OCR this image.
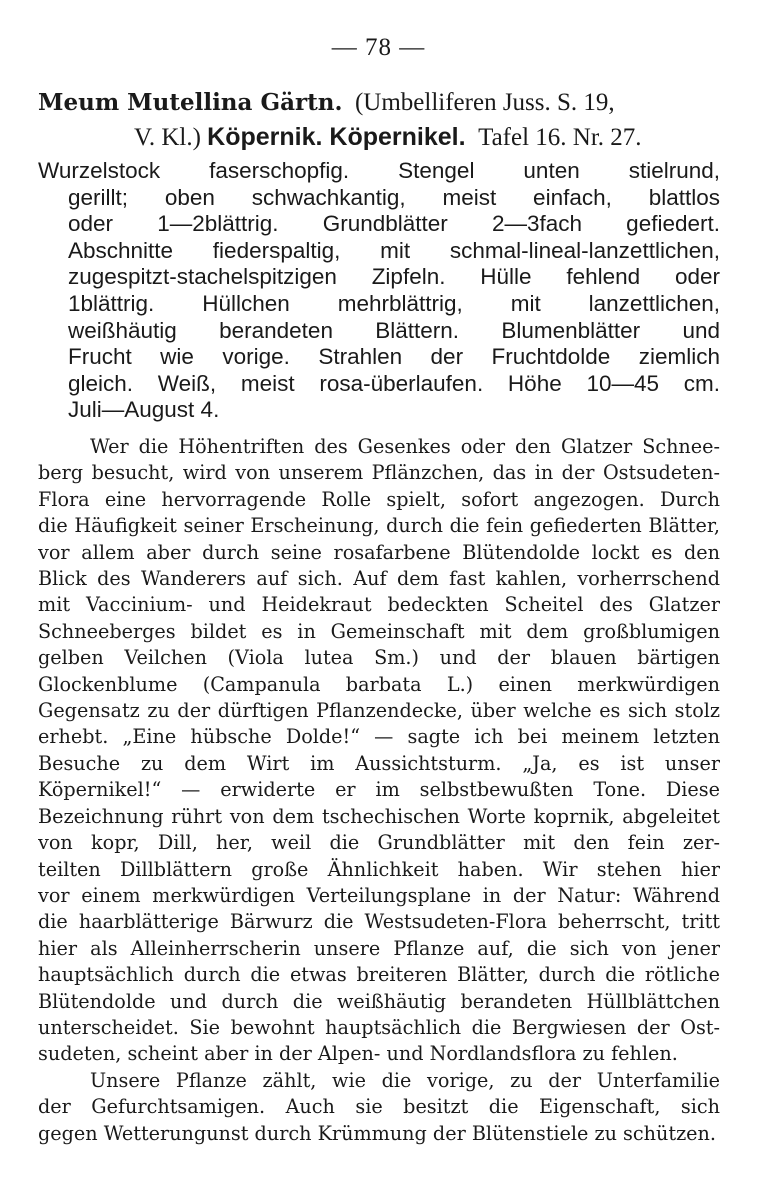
— 78 —
Meum Mutellina Gärtn. (Umbelliferen Juss. S. 19,
V. Kl.) Köpernik. Köpernikel. Tafel 16. Nr. 27.
Wurzelstock faserschopfig. Stengel unten stielrund,
gerillt; oben schwachkantig, meist einfach, blattlos
oder 1—2blättrig. Grundblätter 2—3fach gefiedert.
Abschnitte fiederspaltig, mit schmal-lineal-lanzettlichen,
zugespitzt-stachelspitzigen Zipfeln. Hülle fehlend oder
1blättrig. Hüllchen mehrblättrig, mit lanzettlichen,
weißhäutig berandeten Blättern. Blumenblätter und
Frucht wie vorige. Strahlen der Fruchtdolde ziemlich
gleich. Weiß, meist rosa-überlaufen. Höhe 10—45 cm.
Juli—August 4.
Wer die Höhentriften des Gesenkes oder den Glatzer Schnee-
berg besucht, wird von unserem Pflänzchen, das in der Ostsudeten-
Flora eine hervorragende Rolle spielt, sofort angezogen. Durch
die Häufigkeit seiner Erscheinung, durch die fein gefiederten Blätter,
vor allem aber durch seine rosafarbene Blütendolde lockt es den
Blick des Wanderers auf sich. Auf dem fast kahlen, vorherrschend
mit Vaccinium- und Heidekraut bedeckten Scheitel des Glatzer
Schneeberges bildet es in Gemeinschaft mit dem großblumigen
gelben Veilchen (Viola lutea Sm.) und der blauen bärtigen
Glockenblume (Campanula barbata L.) einen merkwürdigen
Gegensatz zu der dürftigen Pflanzendecke, über welche es sich stolz
erhebt. „Eine hübsche Dolde!“ — sagte ich bei meinem letzten
Besuche zu dem Wirt im Aussichtsturm. „Ja, es ist unser
Köpernikel!“ — erwiderte er im selbstbewußten Tone. Diese
Bezeichnung rührt von dem tschechischen Worte koprnik, abgeleitet
von kopr, Dill, her, weil die Grundblätter mit den fein zer-
teilten Dillblättern große Ähnlichkeit haben. Wir stehen hier
vor einem merkwürdigen Verteilungsplane in der Natur: Während
die haarblätterige Bärwurz die Westsudeten-Flora beherrscht, tritt
hier als Alleinherrscherin unsere Pflanze auf, die sich von jener
hauptsächlich durch die etwas breiteren Blätter, durch die rötliche
Blütendolde und durch die weißhäutig berandeten Hüllblättchen
unterscheidet. Sie bewohnt hauptsächlich die Bergwiesen der Ost-
sudeten, scheint aber in der Alpen- und Nordlandsflora zu fehlen.
Unsere Pflanze zählt, wie die vorige, zu der Unterfamilie
der Gefurchtsamigen. Auch sie besitzt die Eigenschaft, sich
gegen Wetterungunst durch Krümmung der Blütenstiele zu schützen.
